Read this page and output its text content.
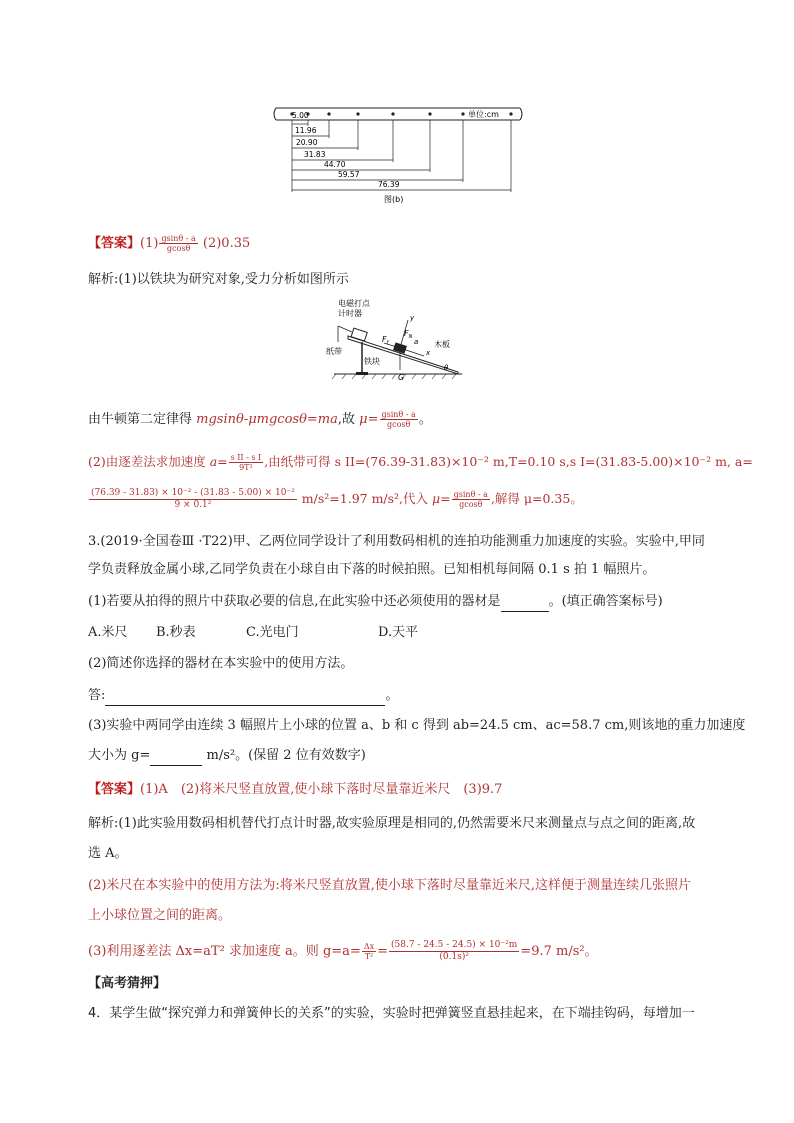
单位:cm
5.00
11.96
20.90
31.83
44.70
59.57
76.39
图(b)
【答案】$(1) \frac{gsin\theta - a}{gcos\theta} (2)0.35$
解析:(1)以铁块为研究对象,受力分析如图所示
电磁打点
计时器
纸带
铁块
木板
$F_f$
$F_N$
y
x
a
G
θ
由牛顿第二定律得 mgsinθ-μmgcosθ=ma,故 $\mu= \frac{gsin\theta - a}{gcos\theta}$ 。
(2)由逐差法求加速度 $a= \frac{\text{s II - s I}}{\text{9T²}}$ ,由纸带可得 s II=(76.39-31.83)×10⁻² m,T=0.10 s,s I=(31.83-5.00)×10⁻² m, a=
$\frac{\text{(76.39 - 31.83) × 10⁻² - (31.83 - 5.00) × 10⁻²}}{\text{9 × 0.1²}} m/s^2=1.97$ m/s²,代入 $\mu= \frac{gsin\theta - a}{gcos\theta}$ ,解得 μ=0.35。
3.(2019·全国卷Ⅲ ·T22)甲、乙两位同学设计了利用数码相机的连拍功能测重力加速度的实验。实验中,甲同
学负责释放金属小球,乙同学负责在小球自由下落的时候拍照。已知相机每间隔 0.1 s 拍 1 幅照片。
(1)若要从拍得的照片中获取必要的信息,在此实验中还必须使用的器材是	。(填正确答案标号)
A.米尺 B.秒表	C.光电门	D.天平
(2)简述你选择的器材在本实验中的使用方法。
答:	。
(3)实验中两同学由连续 3 幅照片上小球的位置 a、b 和 c 得到 ab=24.5 cm、ac=58.7 cm,则该地的重力加速度
大小为 g=	m/s²。(保留 2 位有效数字)
【答案】(1)A　(2)将米尺竖直放置,使小球下落时尽量靠近米尺　(3)9.7
解析:(1)此实验用数码相机替代打点计时器,故实验原理是相同的,仍然需要米尺来测量点与点之间的距离,故
选 A。
(2)米尺在本实验中的使用方法为:将米尺竖直放置,使小球下落时尽量靠近米尺,这样便于测量连续几张照片
上小球位置之间的距离。
(3)利用逐差法 Δx=aT² 求加速度 a。则 $g=a= \frac{\Delta x}{\text{T²}} = \frac{\text{(58.7 - 24.5 - 24.5) × 10⁻²m}}{\text{(0.1s)²}} =9.7$ m/s²。
【高考猜押】
4．某学生做“探究弹力和弹簧伸长的关系”的实验，实验时把弹簧竖直悬挂起来，在下端挂钩码，每增加一
